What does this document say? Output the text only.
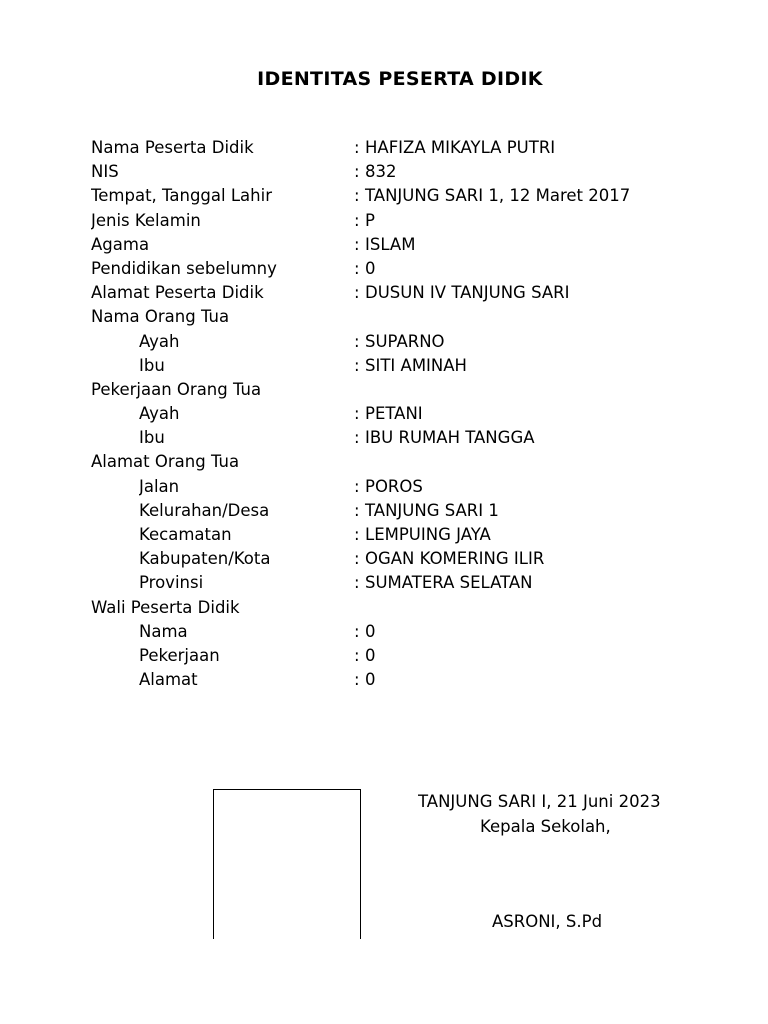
IDENTITAS PESERTA DIDIK
Nama Peserta Didik	: HAFIZA MIKAYLA PUTRI
NIS	: 832
Tempat, Tanggal Lahir	: TANJUNG SARI 1, 12 Maret 2017
Jenis Kelamin	: P
Agama	: ISLAM
Pendidikan sebelumny	: 0
Alamat Peserta Didik	: DUSUN IV TANJUNG SARI
Nama Orang Tua
Ayah	: SUPARNO
Ibu	: SITI AMINAH
Pekerjaan Orang Tua
Ayah	: PETANI
Ibu	: IBU RUMAH TANGGA
Alamat Orang Tua
Jalan	: POROS
Kelurahan/Desa	: TANJUNG SARI 1
Kecamatan	: LEMPUING JAYA
Kabupaten/Kota	: OGAN KOMERING ILIR
Provinsi	: SUMATERA SELATAN
Wali Peserta Didik
Nama	: 0
Pekerjaan	: 0
Alamat	: 0
TANJUNG SARI I, 21 Juni 2023
Kepala Sekolah,
ASRONI, S.Pd
